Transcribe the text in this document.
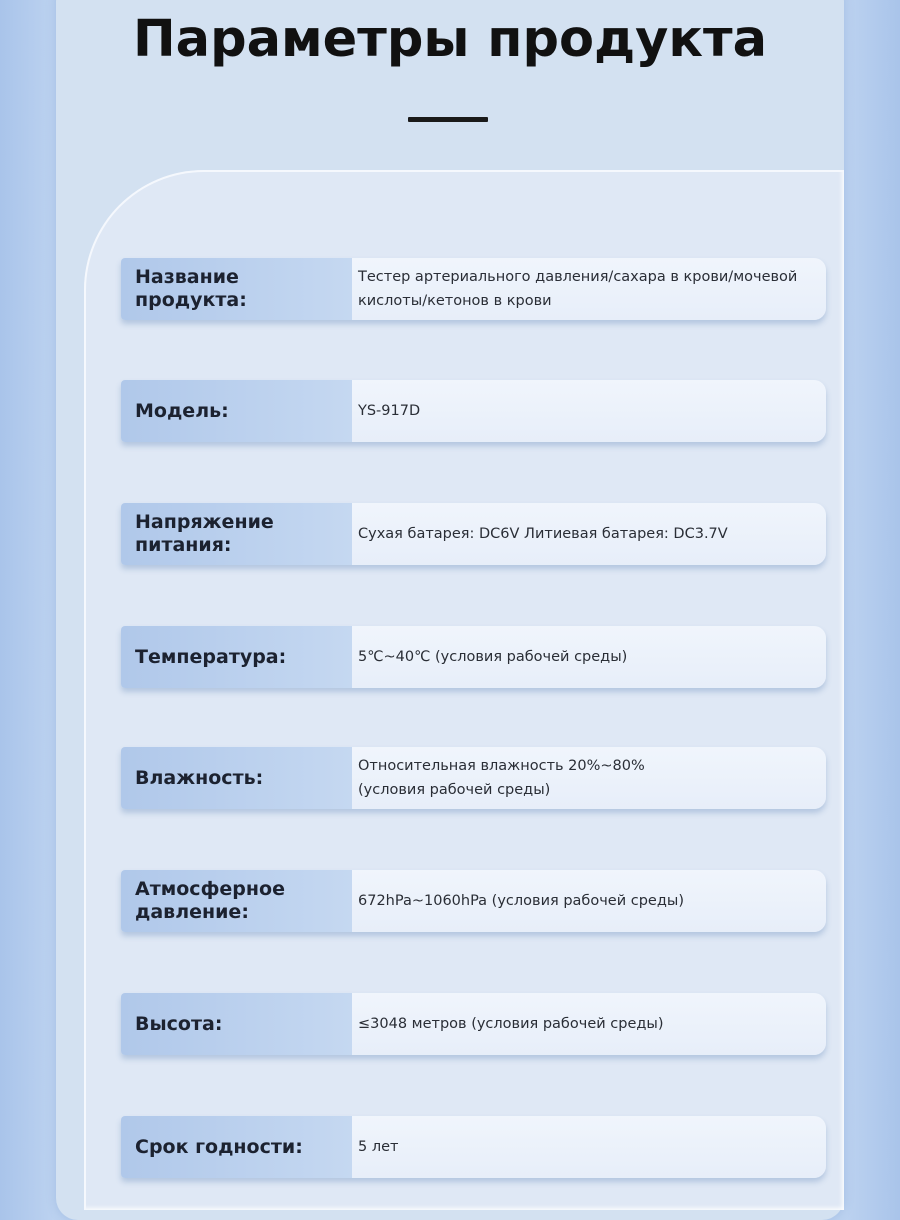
Параметры продукта
Название продукта:
Тестер артериального давления/сахара в крови/мочевой кислоты/кетонов в крови
Модель:	YS-917D
Напряжение питания:	Сухая батарея: DC6V Литиевая батарея: DC3.7V
Температура:	5℃~40℃ (условия рабочей среды)
Влажность:
Относительная влажность 20%~80%
(условия рабочей среды)
Атмосферное давление:	672hPa~1060hPa (условия рабочей среды)
Высота:	≤3048 метров (условия рабочей среды)
Срок годности:	5 лет
